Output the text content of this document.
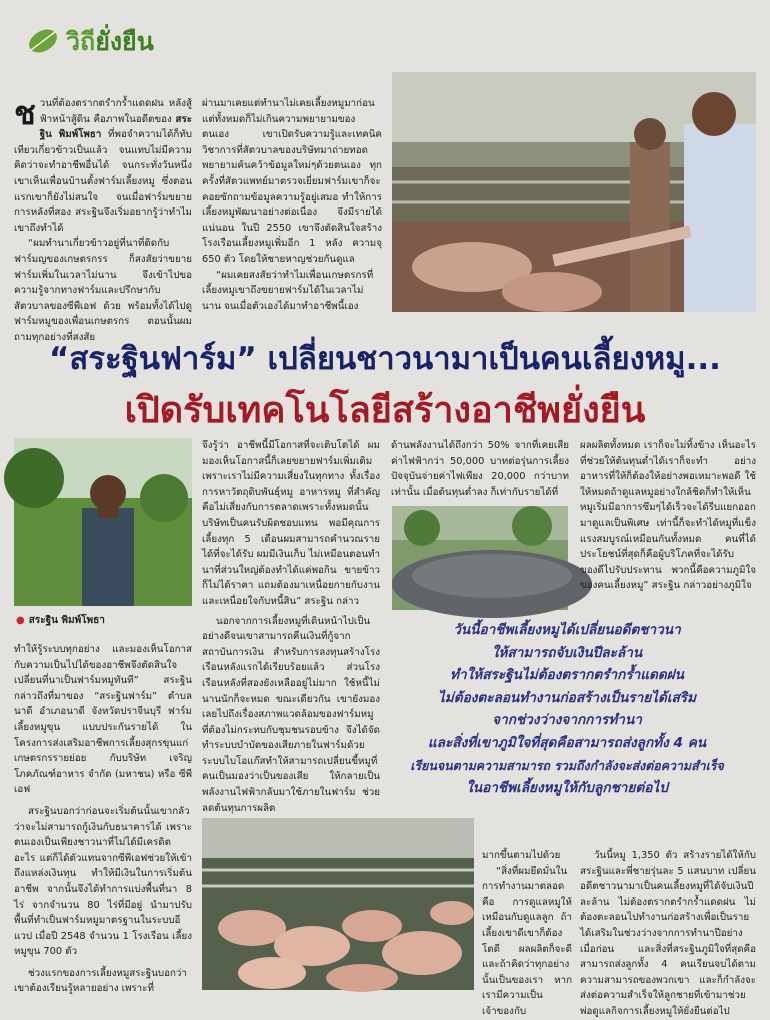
วิถียั่งยืน
ช วนที่ต้องตรากตรำกร้ำแดดฝน หลังสู้ฟ้าหน้าสู้ดิน คือภาพในอดีตของ สระฐิน พิมพ์โพธา ที่พอจำความได้ก็ทับเทียวเกี่ยวข้าวเป็นแล้ว จนแทบไม่มีความคิดว่าจะทำอาชีพอื่นได้ จนกระทั่งวันหนึ่งเขาเห็นเพื่อนบ้านตั้งฟาร์มเลี้ยงหมู ซึ่งตอนแรกเขาก็ยังไม่สนใจ จนเมื่อฟาร์มขยายการหลังที่สอง สระฐินจึงเริ่มอยากรู้ว่าทำไมเขาถึงทำได้

“ผมทำนาเกี่ยวข้าวอยู่ที่นาที่ติดกับฟาร์มญของเกษตรกรร ก็สงสัยว่าขยายฟาร์มเพิ่มในเวลาไม่นาน จึงเข้าไปขอความรู้จากทางฟาร์มและปรึกษากับสัตวบาลของซีพีเอฟ ด้วย พร้อมทั้งได้ไปดูฟาร์มหมูของเพื่อนเกษตรกร ตอนนั้นผมถามทุกอย่างที่สงสัย

ผ่านมาเคยแต่ทำนาไม่เคยเลี้ยงหมูมาก่อน แต่ทั้งหมดก็ไม่เกินความพยายามของตนเอง เขาเปิดรับความรู้และเทคนิควิชาการที่สัตวบาลของบริษัทมาถ่ายทอด พยายามค้นคว้าข้อมูลใหม่ๆด้วยตนเอง ทุกครั้งที่สัตวแพทย์มาตรวจเยี่ยมฟาร์มเขาก็จะคอยซักถามข้อมูลความรู้อยู่เสมอ ทำให้การเลี้ยงหมูพัฒนาอย่างต่อเนื่อง จึงมีรายได้แน่นอน ในปี 2550 เขาจึงตัดสินใจสร้างโรงเรือนเลี้ยงหมูเพิ่มอีก 1 หลัง ความจุ 650 ตัว โดยให้ชายหาญช่วยกันดูแล

“ผมเคยสงสัยว่าทำไมเพื่อนเกษตรกรที่เลี้ยงหมูเขาถึงขยายฟาร์มได้ในเวลาไม่นาน จนเมื่อตัวเองได้มาทำอาชีพนี้เอง

“สระฐินฟาร์ม” เปลี่ยนชาวนามาเป็นคนเลี้ยงหมู...
เปิดรับเทคโนโลยีสร้างอาชีพยั่งยืน
● สระฐิน พิมพ์โพธา

ทำให้รู้ระบบทุกอย่าง และมองเห็นโอกาสกับความเป็นไปได้ของอาชีพจึงตัดสินใจเปลี่ยนที่นาเป็นฟาร์มหมูทันที” สระฐิน กล่าวถึงที่มาของ “สระฐินฟาร์ม” ตำบลนาดี อำเภอนาดี จังหวัดปราจีนบุรี ฟาร์มเลี้ยงหมูขุน แบบประกันรายได้ ในโครงการส่งเสริมอาชีพการเลี้ยงสุกรขุนแก่เกษตรกรรายย่อย กับบริษัท เจริญโภคภัณฑ์อาหาร จำกัด (มหาชน) หรือ ซีพีเอฟ

สระฐินบอกว่าก่อนจะเริ่มต้นนั้นเขากลัวว่าจะไม่สามารถกู้เงินกับธนาคารได้ เพราะตนเองเป็นเพียงชาวนาที่ไม่ได้มีเครดิตอะไร แต่ก็ได้ตัวแทนจากซีพีเอฟช่วยให้เข้าถึงแหล่งเงินทุน ทำให้มีเงินในการเริ่มต้นอาชีพ จากนั้นจึงได้ทำการแบ่งพื้นที่นา 8 ไร่ จากจำนวน 80 ไร่ที่มีอยู่ นำมาปรับพื้นที่ทำเป็นฟาร์มหมูมาตรฐานในระบบอีแวป เมื่อปี 2548 จำนวน 1 โรงเรือน เลี้ยงหมูขุน 700 ตัว

ช่วงแรกของการเลี้ยงหมูสระฐินบอกว่าเขาต้องเรียนรู้หลายอย่าง เพราะที่

จึงรู้ว่า อาชีพนี้มีโอกาสที่จะเติบโตได้ ผมมองเห็นโอกาสนี้ก็เลยขยายฟาร์มเพิ่มเติม เพราะเราไม่มีความเสี่ยงในทุกทาง ทั้งเรื่องการหาวัตถุดิบพันธุ์หมู อาหารหมู ที่สำคัญคือไม่เสี่ยงกับการตลาดเพราะทั้งหมดนั้นบริษัทเป็นคนรับผิดชอบแทน พอมีคุณการเลี้ยงทุก 5 เดือนผมสามารถคำนวณรายได้ที่จะได้รับ ผมมีเงินเก็บ ไม่เหมือนตอนทำนาที่ส่วนใหญ่ต้องทำได้แค่พอกิน ขายข้าวก็ไม่ได้ราคา แถมต้องมาเหนื่อยกายกับงานและเหนื่อยใจกับหนี้สิน” สระฐิน กล่าว

นอกจากการเลี้ยงหมูที่เดินหน้าไปเป็นอย่างดีจนเขาสามารถคืนเงินที่กู้จากสถาบันการเงิน สำหรับการลงทุนสร้างโรงเรือนหลังแรกได้เรียบร้อยแล้ว ส่วนโรงเรือนหลังที่สองยังเหลืออยู่ไม่มาก ใช้หนี้ไม่นานนักก็จะหมด ขณะเดียวกัน เขายังมองเลยไปถึงเรื่องสภาพแวดล้อมของฟาร์มหมูที่ต้องไม่กระทบกับชุมชนรอบข้าง จึงได้จัดทำระบบบำบัดของเสียภายในฟาร์มด้วยระบบไบโอแก๊สทำให้สามารถเปลี่ยนขี้หมูที่คนเป็นมองว่าเป็นของเสีย ให้กลายเป็นพลังงานไฟฟ้ากลับมาใช้ภายในฟาร์ม ช่วยลดต้นทุนการผลิต

ด้านพลังงานได้ถึงกว่า 50% จากที่เคยเสียค่าไฟฟ้ากว่า 50,000 บาทต่อรุ่นการเลี้ยง ปัจจุบันจ่ายค่าไฟเพียง 20,000 กว่าบาทเท่านั้น เมื่อต้นทุนต่ำลง ก็เท่ากับรายได้ที่

ผลผลิตทั้งหมด เราก็จะไม่ทิ้งข้าง เห็นอะไรที่ช่วยให้ต้นทุนต่ำได้เราก็จะทำ อย่างอาหารที่ให้ก็ต้องให้อย่างพอเหมาะพอดี ใช้ให้หมดถ้าดูแลหมูอย่างใกล้ชิดก็ทำให้เห็นหมูเริ่มมีอาการซึมๆได้เร็วจะได้รีบแยกออกมาดูแลเป็นพิเศษ เท่านี้ก็จะทำได้หมูที่แข็งแรงสมบูรณ์เหมือนกันทั้งหมด คนที่ได้ประโยชน์ที่สุดก็คือผู้บริโภคที่จะได้รับของดีไปรับประทาน พวกนี้คือความภูมิใจของคนเลี้ยงหมู” สระฐิน กล่าวอย่างภูมิใจ

วันนี้อาชีพเลี้ยงหมูได้เปลี่ยนอดีตชาวนา
ให้สามารถจับเงินปีละล้าน
ทำให้สระฐินไม่ต้องตรากตรำกร้ำแดดฝน
ไม่ต้องตะลอนทำงานก่อสร้างเป็นรายได้เสริม
จากช่วงว่างจากการทำนา
และสิ่งที่เขาภูมิใจที่สุดคือสามารถส่งลูกทั้ง 4 คน
เรียนจนตามความสามารถ รวมถึงกำลังจะส่งต่อความสำเร็จ
ในอาชีพเลี้ยงหมูให้กับลูกชายต่อไป

มากขึ้นตามไปด้วย

“สิ่งที่ผมยึดมั่นในการทำงานมาตลอดคือ การดูแลหมูให้เหมือนกับดูแลลูก ถ้าเลี้ยงเขาดีเขาก็ต้องโตดี ผลผลิตก็จะดี และถ้าคิดว่าทุกอย่างนั้นเป็นของเรา หากเรามีความเป็นเจ้าของกับ

วันนี้หมู 1,350 ตัว สร้างรายได้ให้กับสระฐินและพี่ชายรุ่นละ 5 แสนบาท เปลี่ยนอดีตชาวนามาเป็นคนเลี้ยงหมูที่ได้จับเงินปีละล้าน ไม่ต้องตรากตรำกร้ำแดดฝน ไม่ต้องตะลอนไปทำงานก่อสร้างเพื่อเป็นรายได้เสริมในช่วงว่างจากการทำนาปีอย่างเมื่อก่อน และสิ่งที่สระฐินภูมิใจที่สุดคือสามารถส่งลูกทั้ง 4 คนเรียนจบได้ตามความสามารถของพวกเขา และก็กำลังจะส่งต่อความสำเร็จให้ลูกชายที่เข้ามาช่วยพ่อดูแลกิจการเลี้ยงหมูให้ยั่งยืนต่อไป
